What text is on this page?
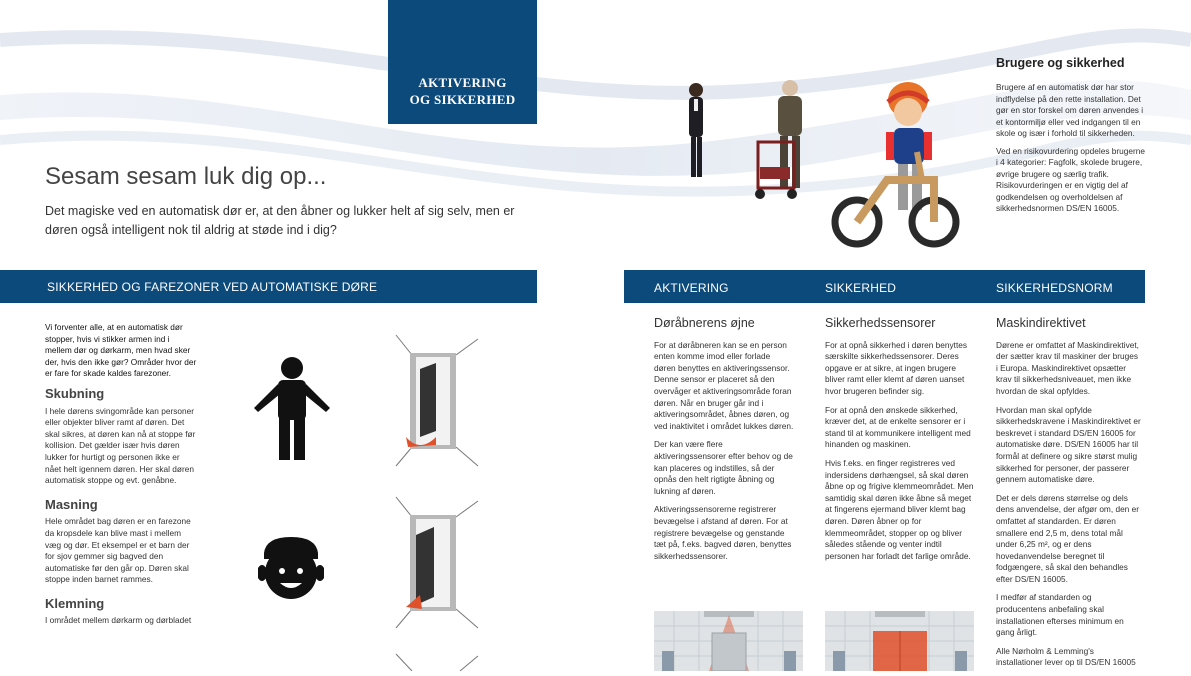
AKTIVERING
OG SIKKERHED
Sesam sesam luk dig op...
Det magiske ved en automatisk dør er, at den åbner og lukker helt af sig selv, men er døren også intelligent nok til aldrig at støde ind i dig?
Brugere og sikkerhed

Brugere af en automatisk dør har stor indflydelse på den rette installation. Det gør en stor forskel om døren anvendes i et kontormiljø eller ved indgangen til en skole og især i forhold til sikkerheden.

Ved en risikovurdering opdeles brugerne i 4 kategorier: Fagfolk, skolede brugere, øvrige brugere og særlig trafik. Risikovurderingen er en vigtig del af godkendelsen og overholdelsen af sikkerhedsnormen DS/EN 16005.

SIKKERHED OG FAREZONER VED AUTOMATISKE DØRE	AKTIVERING	SIKKERHED	SIKKERHEDSNORM

Vi forventer alle, at en automatisk dør stopper, hvis vi stikker armen ind i mellem dør og dørkarm, men hvad sker der, hvis den ikke gør? Områder hvor der er fare for skade kaldes farezoner.

Skubning

I hele dørens svingområde kan personer eller objekter bliver ramt af døren. Det skal sikres, at døren kan nå at stoppe før kollision. Det gælder især hvis døren lukker for hurtigt og personen ikke er nået helt igennem døren. Her skal døren automatisk stoppe og evt. genåbne.

Masning

Hele området bag døren er en farezone da kropsdele kan blive mast i mellem væg og dør. Et eksempel er et barn der for sjov gemmer sig bagved den automatiske før den går op. Døren skal stoppe inden barnet rammes.

Klemning

I området mellem dørkarm og dørbladet

Døråbnerens øjne

For at døråbneren kan se en person enten komme imod eller forlade døren benyttes en aktiveringssensor. Denne sensor er placeret så den overvåger et aktiveringsområde foran døren. Når en bruger går ind i aktiveringsområdet, åbnes døren, og ved inaktivitet i området lukkes døren.

Der kan være flere aktiveringssensorer efter behov og de kan placeres og indstilles, så der opnås den helt rigtigte åbning og lukning af døren.

Aktiveringssensorerne registrerer bevægelse i afstand af døren. For at registrere bevægelse og genstande tæt på, f.eks. bagved døren, benyttes sikkerhedssensorer.

Sikkerhedssensorer

For at opnå sikkerhed i døren benyttes særskilte sikkerhedssensorer. Deres opgave er at sikre, at ingen brugere bliver ramt eller klemt af døren uanset hvor brugeren befinder sig.

For at opnå den ønskede sikkerhed, kræver det, at de enkelte sensorer er i stand til at kommunikere intelligent med hinanden og maskinen.

Hvis f.eks. en finger registreres ved indersidens dørhængsel, så skal døren åbne op og frigive klemmeområdet. Men samtidig skal døren ikke åbne så meget at fingerens ejermand bliver klemt bag døren. Døren åbner op for klemmeområdet, stopper op og bliver således stående og venter indtil personen har forladt det farlige område.

Maskindirektivet

Dørene er omfattet af Maskindirektivet, der sætter krav til maskiner der bruges i Europa. Maskindirektivet opsætter krav til sikkerhedsniveauet, men ikke hvordan de skal opfyldes.

Hvordan man skal opfylde sikkerhedskravene i Maskindirektivet er beskrevet i standard DS/EN 16005 for automatiske døre. DS/EN 16005 har til formål at definere og sikre størst mulig sikkerhed for personer, der passerer gennem automatiske døre.

Det er dels dørens størrelse og dels dens anvendelse, der afgør om, den er omfattet af standarden. Er døren smallere end 2,5 m, dens total mål under 6,25 m², og er dens hovedanvendelse beregnet til fodgængere, så skal den behandles efter DS/EN 16005.

I medfør af standarden og producentens anbefaling skal installationen efterses minimum en gang årligt.

Alle Nørholm & Lemming's installationer lever op til DS/EN 16005
